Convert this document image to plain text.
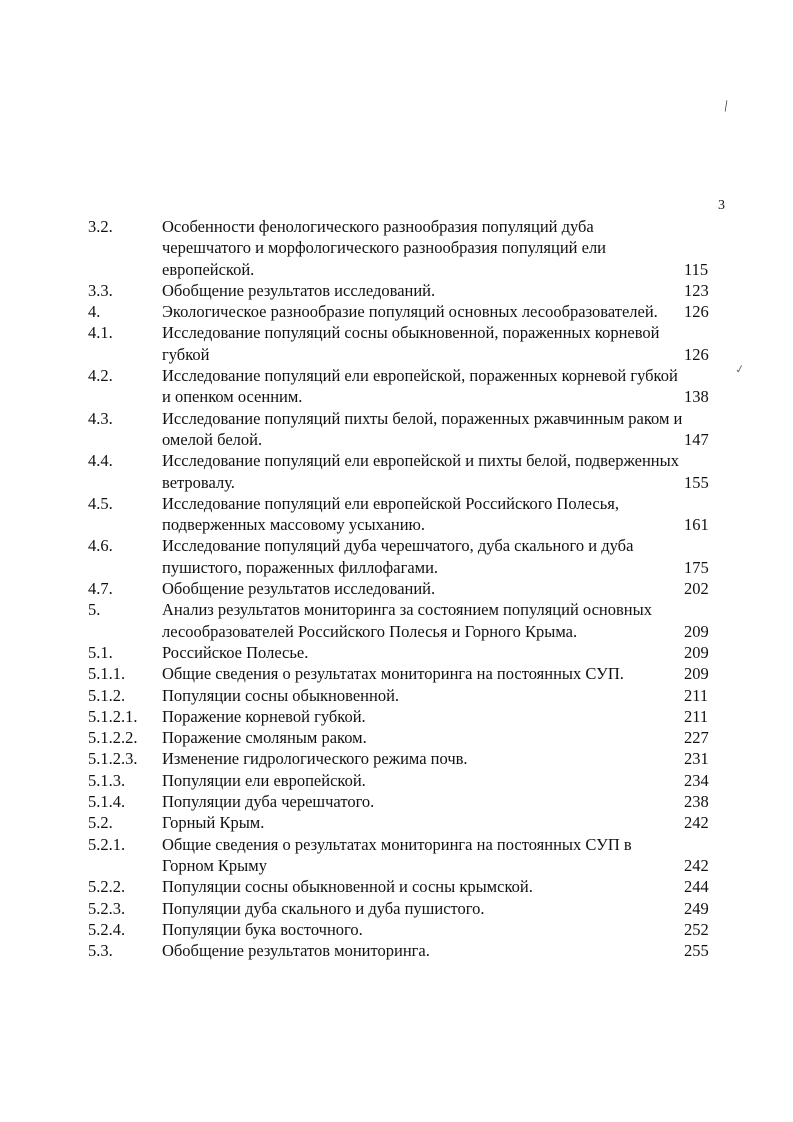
/
✓
3
3.2.	Особенности фенологического разнообразия популяций дуба черешчатого и морфологического разнообразия популяций ели европейской.	115
3.3.	Обобщение результатов исследований.	123
4.	Экологическое разнообразие популяций основных лесообразователей.	126
4.1.	Исследование популяций сосны обыкновенной, пораженных корневой губкой	126
4.2.	Исследование популяций ели европейской, пораженных корневой губкой и опенком осенним.	138
4.3.	Исследование популяций пихты белой, пораженных ржавчинным раком и омелой белой.	147
4.4.	Исследование популяций ели европейской и пихты белой, подверженных ветровалу.	155
4.5.	Исследование популяций ели европейской Российского Полесья, подверженных массовому усыханию.	161
4.6.	Исследование популяций дуба черешчатого, дуба скального и дуба пушистого, пораженных филлофагами.	175
4.7.	Обобщение результатов исследований.	202
5.	Анализ результатов мониторинга за состоянием популяций основных лесообразователей Российского Полесья и Горного Крыма.	209
5.1.	Российское Полесье.	209
5.1.1.	Общие сведения о результатах мониторинга на постоянных СУП.	209
5.1.2.	Популяции сосны обыкновенной.	211
5.1.2.1.	Поражение корневой губкой.	211
5.1.2.2.	Поражение смоляным раком.	227
5.1.2.3.	Изменение гидрологического режима почв.	231
5.1.3.	Популяции ели европейской.	234
5.1.4.	Популяции дуба черешчатого.	238
5.2.	Горный Крым.	242
5.2.1.	Общие сведения о результатах мониторинга на постоянных СУП в Горном Крыму	242
5.2.2.	Популяции сосны обыкновенной и сосны крымской.	244
5.2.3.	Популяции дуба скального и дуба пушистого.	249
5.2.4.	Популяции бука восточного.	252
5.3.	Обобщение результатов мониторинга.	255
